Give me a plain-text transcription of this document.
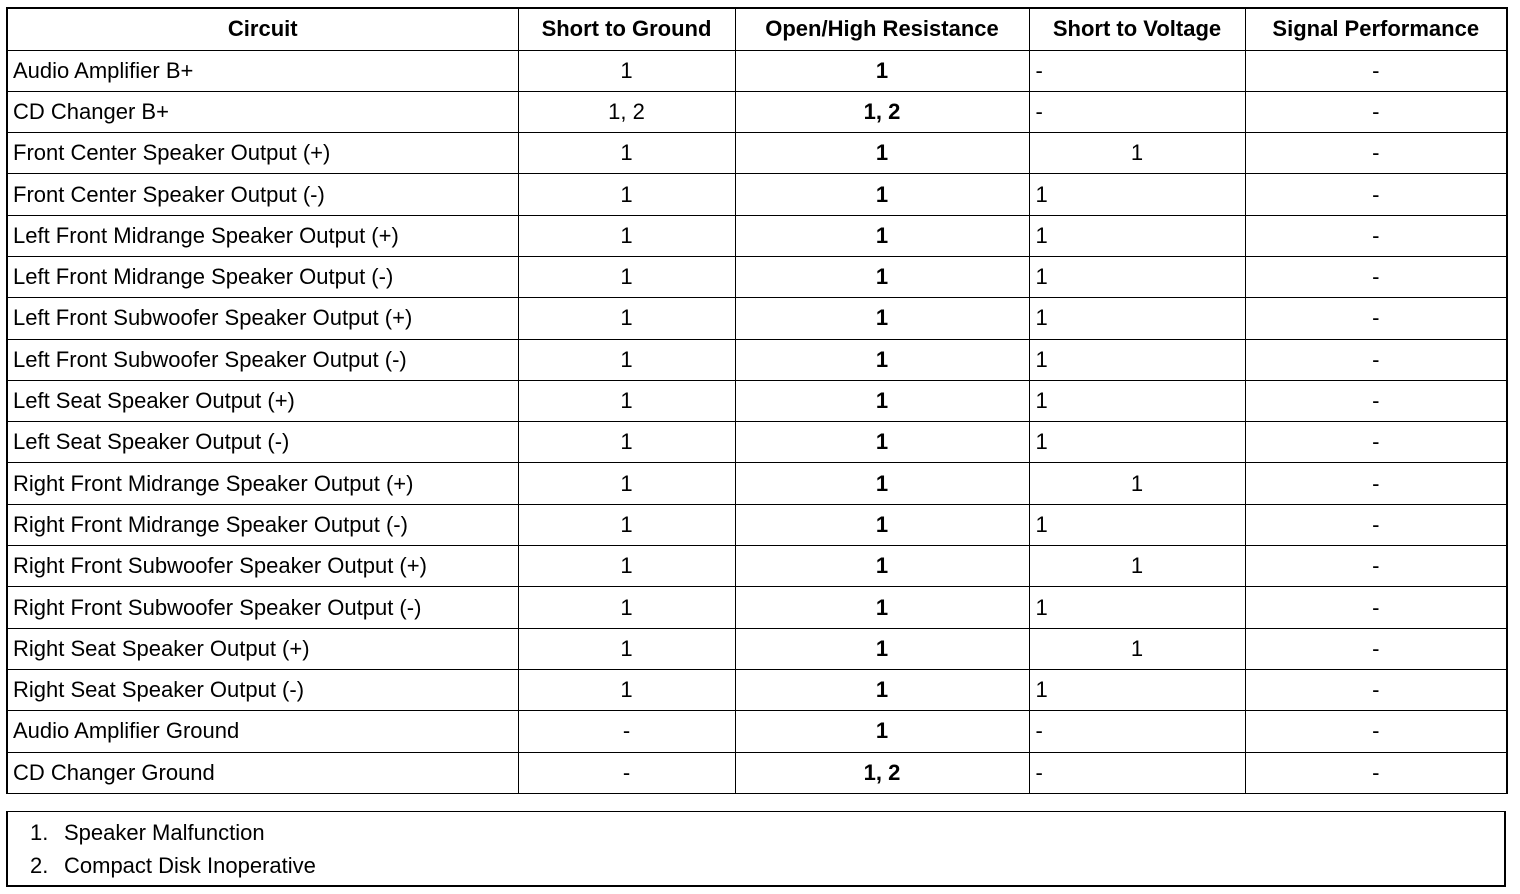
Circuit	Short to Ground	Open/High Resistance	Short to Voltage	Signal Performance
Audio Amplifier B+	1	1	-	-
CD Changer B+	1, 2	1, 2	-	-
Front Center Speaker Output (+)	1	1	1	-
Front Center Speaker Output (-)	1	1	1	-
Left Front Midrange Speaker Output (+)	1	1	1	-
Left Front Midrange Speaker Output (-)	1	1	1	-
Left Front Subwoofer Speaker Output (+)	1	1	1	-
Left Front Subwoofer Speaker Output (-)	1	1	1	-
Left Seat Speaker Output (+)	1	1	1	-
Left Seat Speaker Output (-)	1	1	1	-
Right Front Midrange Speaker Output (+)	1	1	1	-
Right Front Midrange Speaker Output (-)	1	1	1	-
Right Front Subwoofer Speaker Output (+)	1	1	1	-
Right Front Subwoofer Speaker Output (-)	1	1	1	-
Right Seat Speaker Output (+)	1	1	1	-
Right Seat Speaker Output (-)	1	1	1	-
Audio Amplifier Ground	-	1	-	-
CD Changer Ground	-	1, 2	-	-
1. Speaker Malfunction
2. Compact Disk Inoperative
